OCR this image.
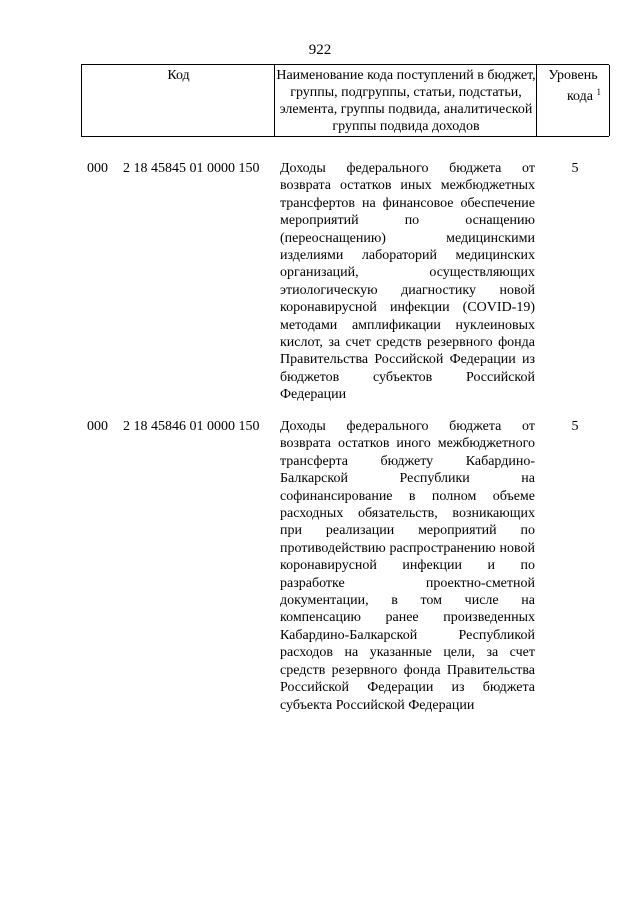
922
Код	Наименование кода поступлений в бюджет, группы, подгруппы, статьи, подстатьи, элемента, группы подвида, аналитической группы подвида доходов
Уровень
кода $^1$
000 2 18 45845 01 0000 150 Доходы федерального бюджета от возврата остатков иных межбюджетных трансфертов на финансовое обеспечение мероприятий по оснащению (переоснащению) медицинскими изделиями лабораторий медицинских организаций, осуществляющих этиологическую диагностику новой коронавирусной инфекции (COVID-19) методами амплификации нуклеиновых кислот, за счет средств резервного фонда Правительства Российской Федерации из бюджетов субъектов Российской Федерации
5
000 2 18 45846 01 0000 150 Доходы федерального бюджета от возврата остатков иного межбюджетного трансферта бюджету Кабардино-Балкарской Республики на софинансирование в полном объеме расходных обязательств, возникающих при реализации мероприятий по противодействию распространению новой коронавирусной инфекции и по разработке проектно-сметной документации, в том числе на компенсацию ранее произведенных Кабардино-Балкарской Республикой расходов на указанные цели, за счет средств резервного фонда Правительства Российской Федерации из бюджета субъекта Российской Федерации
5
